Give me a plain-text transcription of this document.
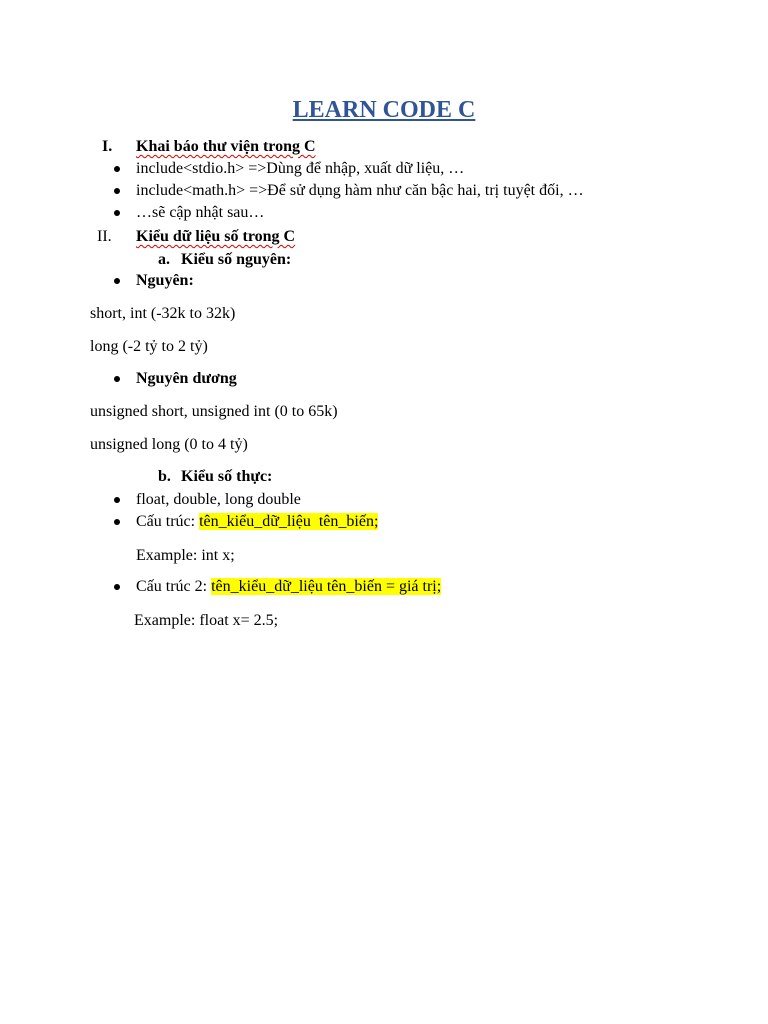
LEARN CODE C
I. Khai báo thư viện trong C
include<stdio.h> =>Dùng để nhập, xuất dữ liệu, …
include<math.h> =>Để sử dụng hàm như căn bậc hai, trị tuyệt đối, …
…sẽ cập nhật sau…
II. Kiểu dữ liệu số trong C
a. Kiểu số nguyên:
Nguyên:
short, int (-32k to 32k)
long (-2 tỷ to 2 tỷ)
Nguyên dương
unsigned short, unsigned int (0 to 65k)
unsigned long (0 to 4 tỷ)
b. Kiểu số thực:
float, double, long double
Cấu trúc: tên_kiểu_dữ_liệu  tên_biến;
Example: int x;
Cấu trúc 2: tên_kiểu_dữ_liệu tên_biến = giá trị;
Example: float x= 2.5;
